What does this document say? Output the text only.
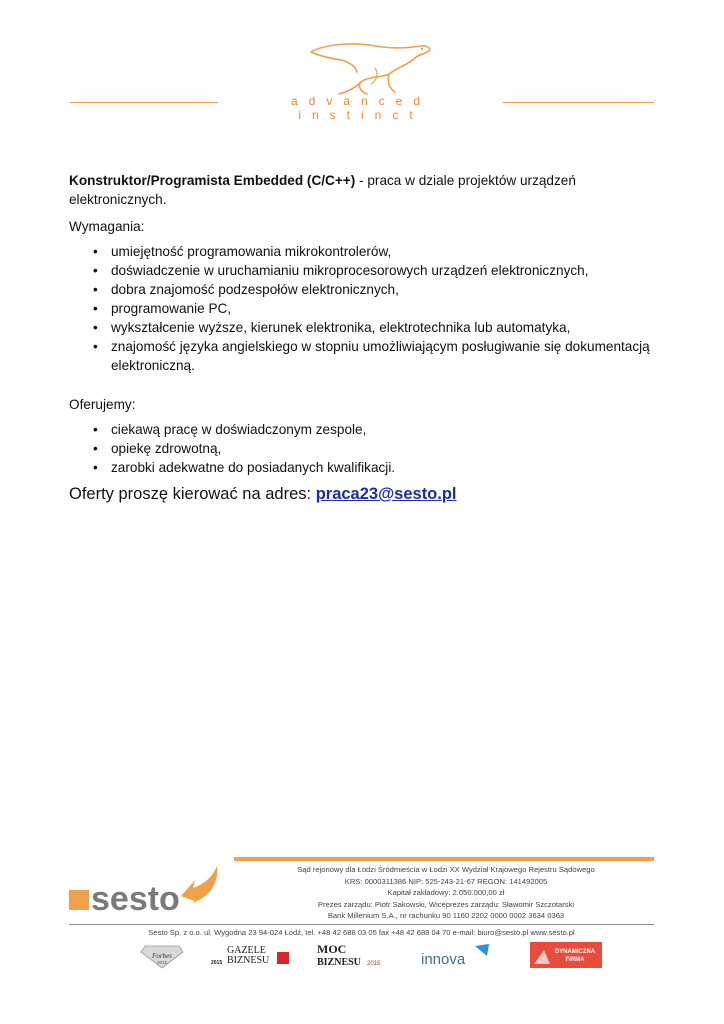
advanced instinct

Konstruktor/Programista Embedded (C/C++) - praca w dziale projektów urządzeń elektronicznych.

Wymagania:

• umiejętność programowania mikrokontrolerów,
• doświadczenie w uruchamianiu mikroprocesorowych urządzeń elektronicznych,
• dobra znajomość podzespołów elektronicznych,
• programowanie PC,
• wykształcenie wyższe, kierunek elektronika, elektrotechnika lub automatyka,
• znajomość języka angielskiego w stopniu umożliwiającym posługiwanie się dokumentacją elektroniczną.

Oferujemy:

• ciekawą pracę w doświadczonym zespole,
• opiekę zdrowotną,
• zarobki adekwatne do posiadanych kwalifikacji.
Oferty proszę kierować na adres: praca23@sesto.pl
sesto
Sąd rejonowy dla Łodzi Śródmieścia w Łodzi XX Wydział Krajowego Rejestru Sądowego
KRS: 0000311386 NIP: 525-243-21-67 REGON: 141492005
Kapitał zakładowy: 2.050.000,00 zł
Prezes zarządu: Piotr Sakowski, Wiceprezes zarządu: Sławomir Szczotarski
Bank Millenium S.A., nr rachunku 90 1160 2202 0000 0002 3634 0363
Sesto Sp. z o.o. ul. Wygodna 23 94-024 Łódź, tel. +48 42 688 03 05 fax +48 42 688 04 70 e-mail: biuro@sesto.pl www.sesto.pl
Forbes
2016	2015
GAZELE
BIZNESU
MOC
BIZNESU 2015	innova	DYNAMICZNA
FIRMA
